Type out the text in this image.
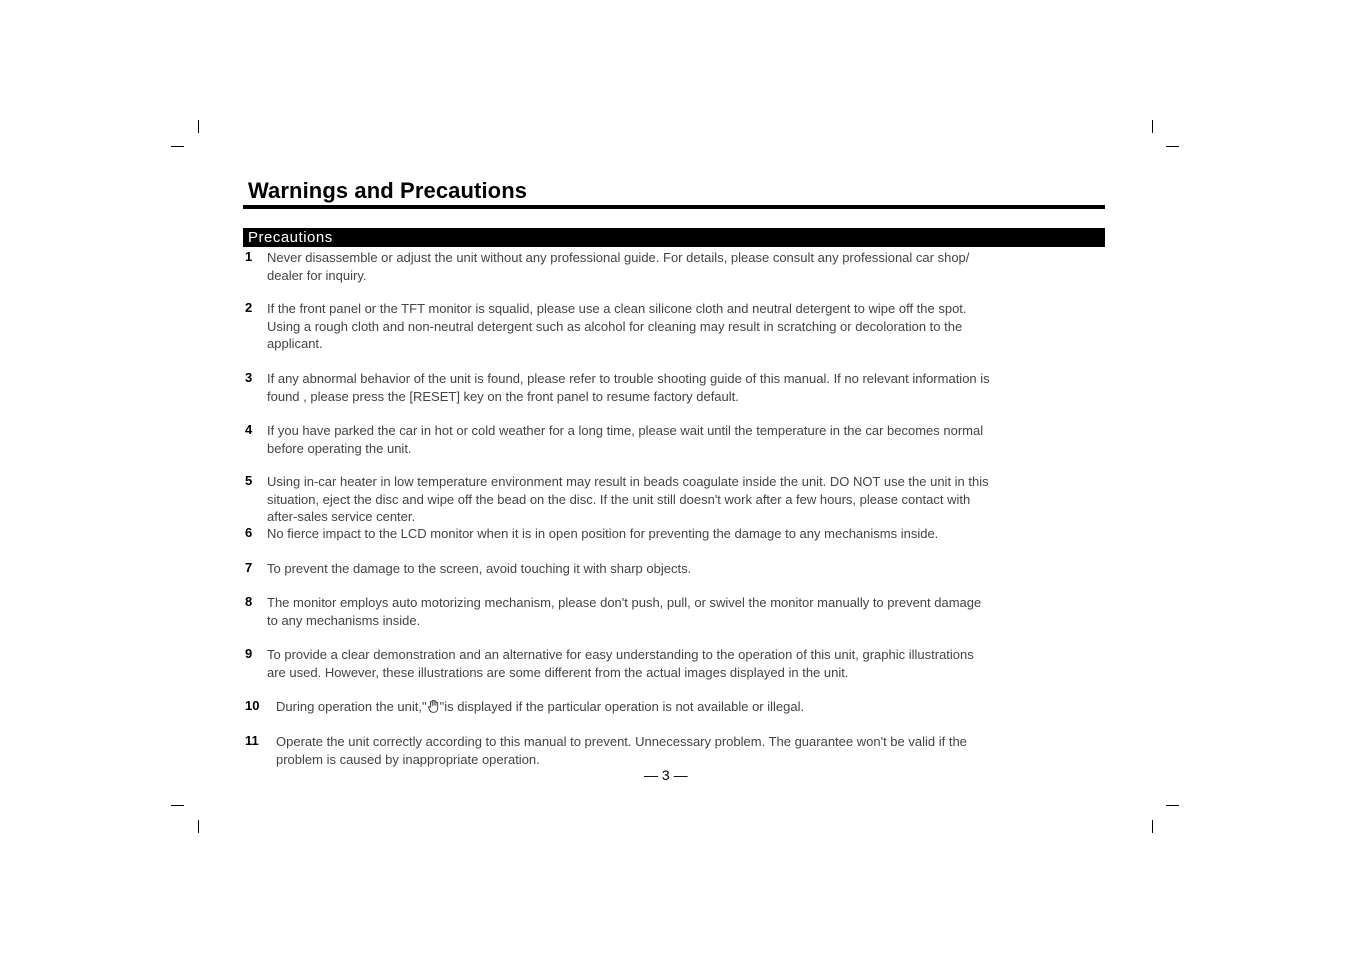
Warnings and Precautions
Precautions
1 Never disassemble or adjust the unit without any professional guide. For details, please consult any professional car shop/
dealer for inquiry.
2 If the front panel or the TFT monitor is squalid, please use a clean silicone cloth and neutral detergent to wipe off the spot.
Using a rough cloth and non-neutral detergent such as alcohol for cleaning may result in scratching or decoloration to the
applicant.
3 If any abnormal behavior of the unit is found, please refer to trouble shooting guide of this manual. If no relevant information is
found , please press the [RESET] key on the front panel to resume factory default.
4 If you have parked the car in hot or cold weather for a long time, please wait until the temperature in the car becomes normal
before operating the unit.
5 Using in-car heater in low temperature environment may result in beads coagulate inside the unit. DO NOT use the unit in this
situation, eject the disc and wipe off the bead on the disc. If the unit still doesn't work after a few hours, please contact with
after-sales service center.
6 No fierce impact to the LCD monitor when it is in open position for preventing the damage to any mechanisms inside.
7 To prevent the damage to the screen, avoid touching it with sharp objects.
8 The monitor employs auto motorizing mechanism, please don't push, pull, or swivel the monitor manually to prevent damage
to any mechanisms inside.
9 To provide a clear demonstration and an alternative for easy understanding to the operation of this unit, graphic illustrations
are used. However, these illustrations are some different from the actual images displayed in the unit.
10 During operation the unit," "is displayed if the particular operation is not available or illegal.
11 Operate the unit correctly according to this manual to prevent. Unnecessary problem. The guarantee won't be valid if the
problem is caused by inappropriate operation.
— 3 —
